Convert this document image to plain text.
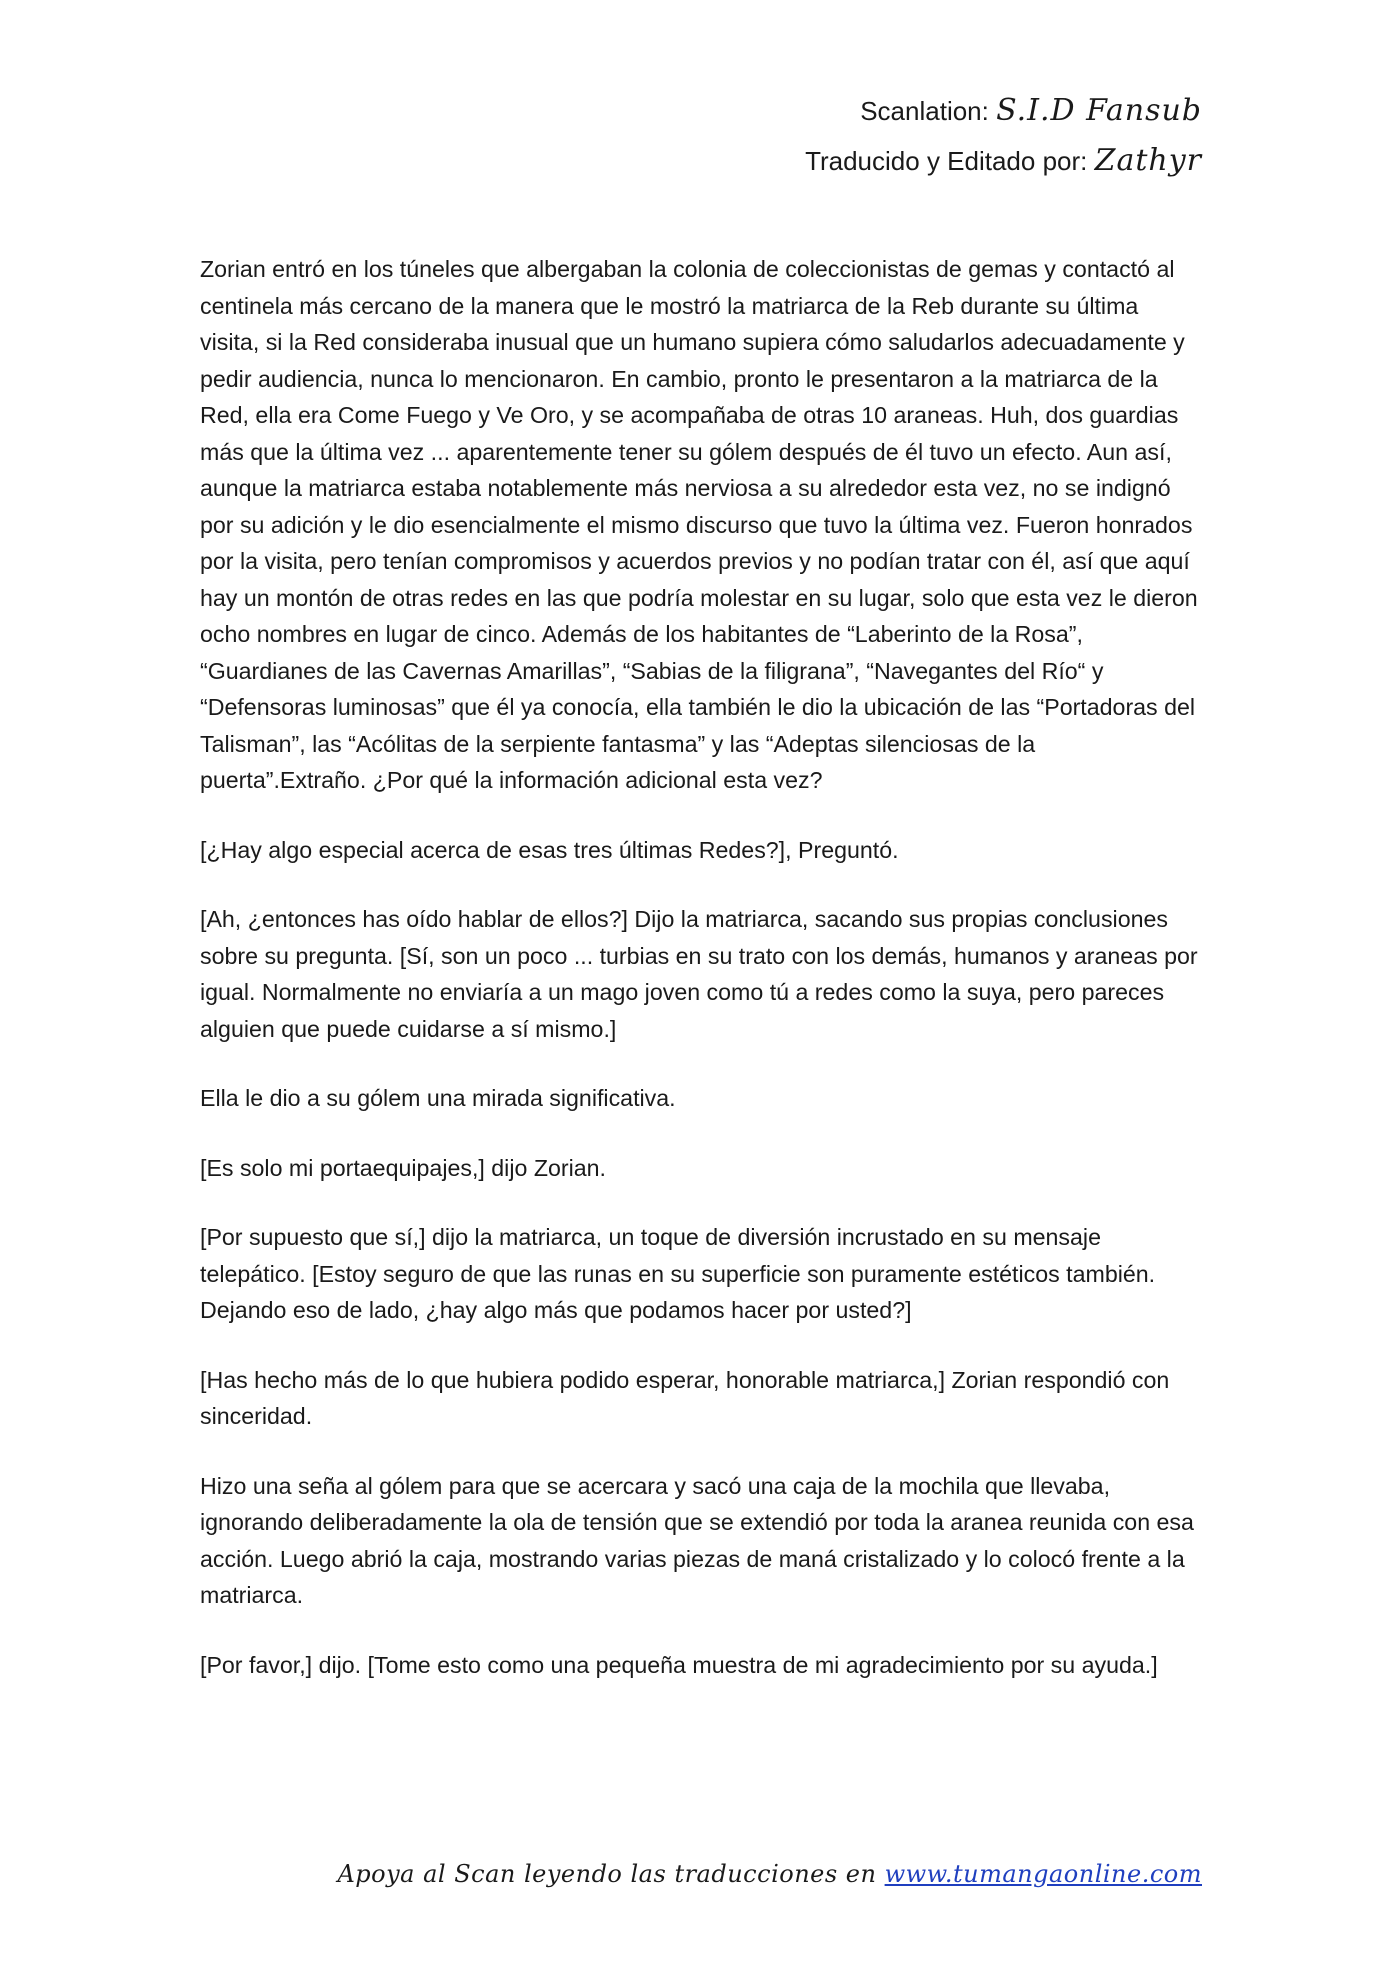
Scanlation: S.I.D Fansub
Traducido y Editado por: Zathyr

Zorian entró en los túneles que albergaban la colonia de coleccionistas de gemas y contactó al centinela más cercano de la manera que le mostró la matriarca de la Reb durante su última visita, si la Red consideraba inusual que un humano supiera cómo saludarlos adecuadamente y pedir audiencia, nunca lo mencionaron. En cambio, pronto le presentaron a la matriarca de la Red, ella era Come Fuego y Ve Oro, y se acompañaba de otras 10 araneas. Huh, dos guardias más que la última vez ... aparentemente tener su gólem después de él tuvo un efecto. Aun así, aunque la matriarca estaba notablemente más nerviosa a su alrededor esta vez, no se indignó por su adición y le dio esencialmente el mismo discurso que tuvo la última vez. Fueron honrados por la visita, pero tenían compromisos y acuerdos previos y no podían tratar con él, así que aquí hay un montón de otras redes en las que podría molestar en su lugar, solo que esta vez le dieron ocho nombres en lugar de cinco. Además de los habitantes de “Laberinto de la Rosa”, “Guardianes de las Cavernas Amarillas”, “Sabias de la filigrana”, “Navegantes del Río“ y “Defensoras luminosas” que él ya conocía, ella también le dio la ubicación de las “Portadoras del Talisman”, las “Acólitas de la serpiente fantasma” y las “Adeptas silenciosas de la puerta”.Extraño. ¿Por qué la información adicional esta vez?

[¿Hay algo especial acerca de esas tres últimas Redes?], Preguntó.

[Ah, ¿entonces has oído hablar de ellos?] Dijo la matriarca, sacando sus propias conclusiones sobre su pregunta. [Sí, son un poco ... turbias en su trato con los demás, humanos y araneas por igual. Normalmente no enviaría a un mago joven como tú a redes como la suya, pero pareces alguien que puede cuidarse a sí mismo.]

Ella le dio a su gólem una mirada significativa.

[Es solo mi portaequipajes,] dijo Zorian.

[Por supuesto que sí,] dijo la matriarca, un toque de diversión incrustado en su mensaje telepático. [Estoy seguro de que las runas en su superficie son puramente estéticos también. Dejando eso de lado, ¿hay algo más que podamos hacer por usted?]

[Has hecho más de lo que hubiera podido esperar, honorable matriarca,] Zorian respondió con sinceridad.

Hizo una seña al gólem para que se acercara y sacó una caja de la mochila que llevaba, ignorando deliberadamente la ola de tensión que se extendió por toda la aranea reunida con esa acción. Luego abrió la caja, mostrando varias piezas de maná cristalizado y lo colocó frente a la matriarca.

[Por favor,] dijo. [Tome esto como una pequeña muestra de mi agradecimiento por su ayuda.]

Apoya al Scan leyendo las traducciones en www.tumangaonline.com
